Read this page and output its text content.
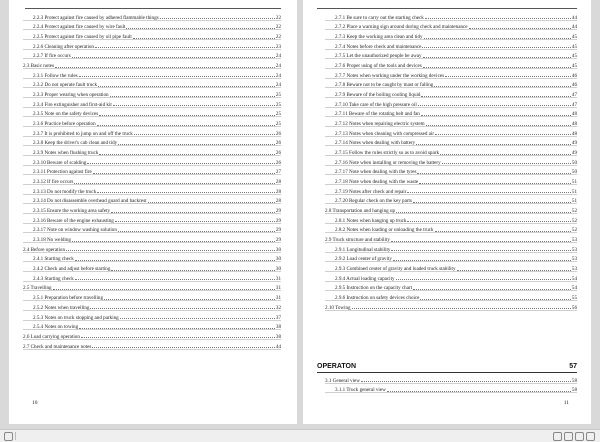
2.2.3 Protect against fire caused by adhered flammable things	22
2.2.4 Protect against fire caused by wire fault	22
2.2.5 Protect against fire caused by oil pipe fault	22
2.2.6 Cleaning after operation	23
2.2.7 If fire occurs	24
2.3 Basic notes	24
2.3.1 Follow the rules	24
2.3.2 Do not operate fault truck	24
2.3.3 Proper wearing when operation	25
2.3.4 Fire extinguisher and first-aid kit	25
2.3.5 Note on the safety devices	25
2.3.6 Practice before operation	25
2.3.7 It is prohibited to jump on and off the truck	26
2.3.8 Keep the driver's cab clean and tidy	26
2.3.9 Notes when flushing truck	26
2.3.10 Beware of scalding	26
2.3.11 Protection against fire	27
2.3.12 If fire occurs	28
2.3.13 Do not modify the truck	28
2.3.14 Do not disassemble overhead guard and backrest	28
2.3.15 Ensure the working area safety	29
2.3.16 Beware of the engine exhausting	29
2.3.17 Note on window washing solution	29
2.3.18 No welding	29
2.4 Before operation	30
2.4.1 Starting check	30
2.4.2 Check and adjust before starting	30
2.4.3 Starting check	31
2.5 Travelling	31
2.5.1 Preparation before travelling	31
2.5.2 Notes when travelling	32
2.5.3 Notes on truck stopping and parking	37
2.5.4 Notes on towing	38
2.6 Load carrying operation	38
2.7 Check and maintenance notes	44
10
2.7.1 Be sure to carry out the starting check	44
2.7.2 Place a warning sign around during check and maintenance	44
2.7.3 Keep the working area clean and tidy	45
2.7.4 Notes before check and maintenance	45
2.7.5 Let the unauthorized people be away	45
2.7.6 Proper using of the tools and devices	45
2.7.7 Notes when working under the working devices	46
2.7.8 Beware not to be caught by mast or falling	46
2.7.9 Beware of the boiling cooling liquid	47
2.7.10 Take care of the high pressure oil	47
2.7.11 Beware of the rotating belt and fan	48
2.7.12 Notes when repairing electric system	48
2.7.13 Notes when cleaning with compressed air	48
2.7.14 Notes when dealing with battery	49
2.7.15 Follow the rules strictly so as to avoid spark	49
2.7.16 Note when installing or removing the battery	50
2.7.17 Note when dealing with the tyres	50
2.7.18 Note when dealing with the waste	51
2.7.19 Notes after check and repair	51
2.7.20 Regular check on the key parts	51
2.8 Transportation and hanging up	52
2.8.1 Notes when hanging up truck	52
2.8.2 Notes when loading or unloading the truck	52
2.9 Truck structure and stability	53
2.9.1 Longitudinal stability	53
2.9.2 Load center of gravity	53
2.9.3 Combined center of gravity and loaded truck stability	53
2.9.4 Actual loading capacity	54
2.9.5 Instruction on the capacity chart	54
2.9.6 Instruction on safety devices choice	55
2.10 Towing	56
OPERATON	57
3.1 General view	58
3.1.1 Truck general view	58
11
